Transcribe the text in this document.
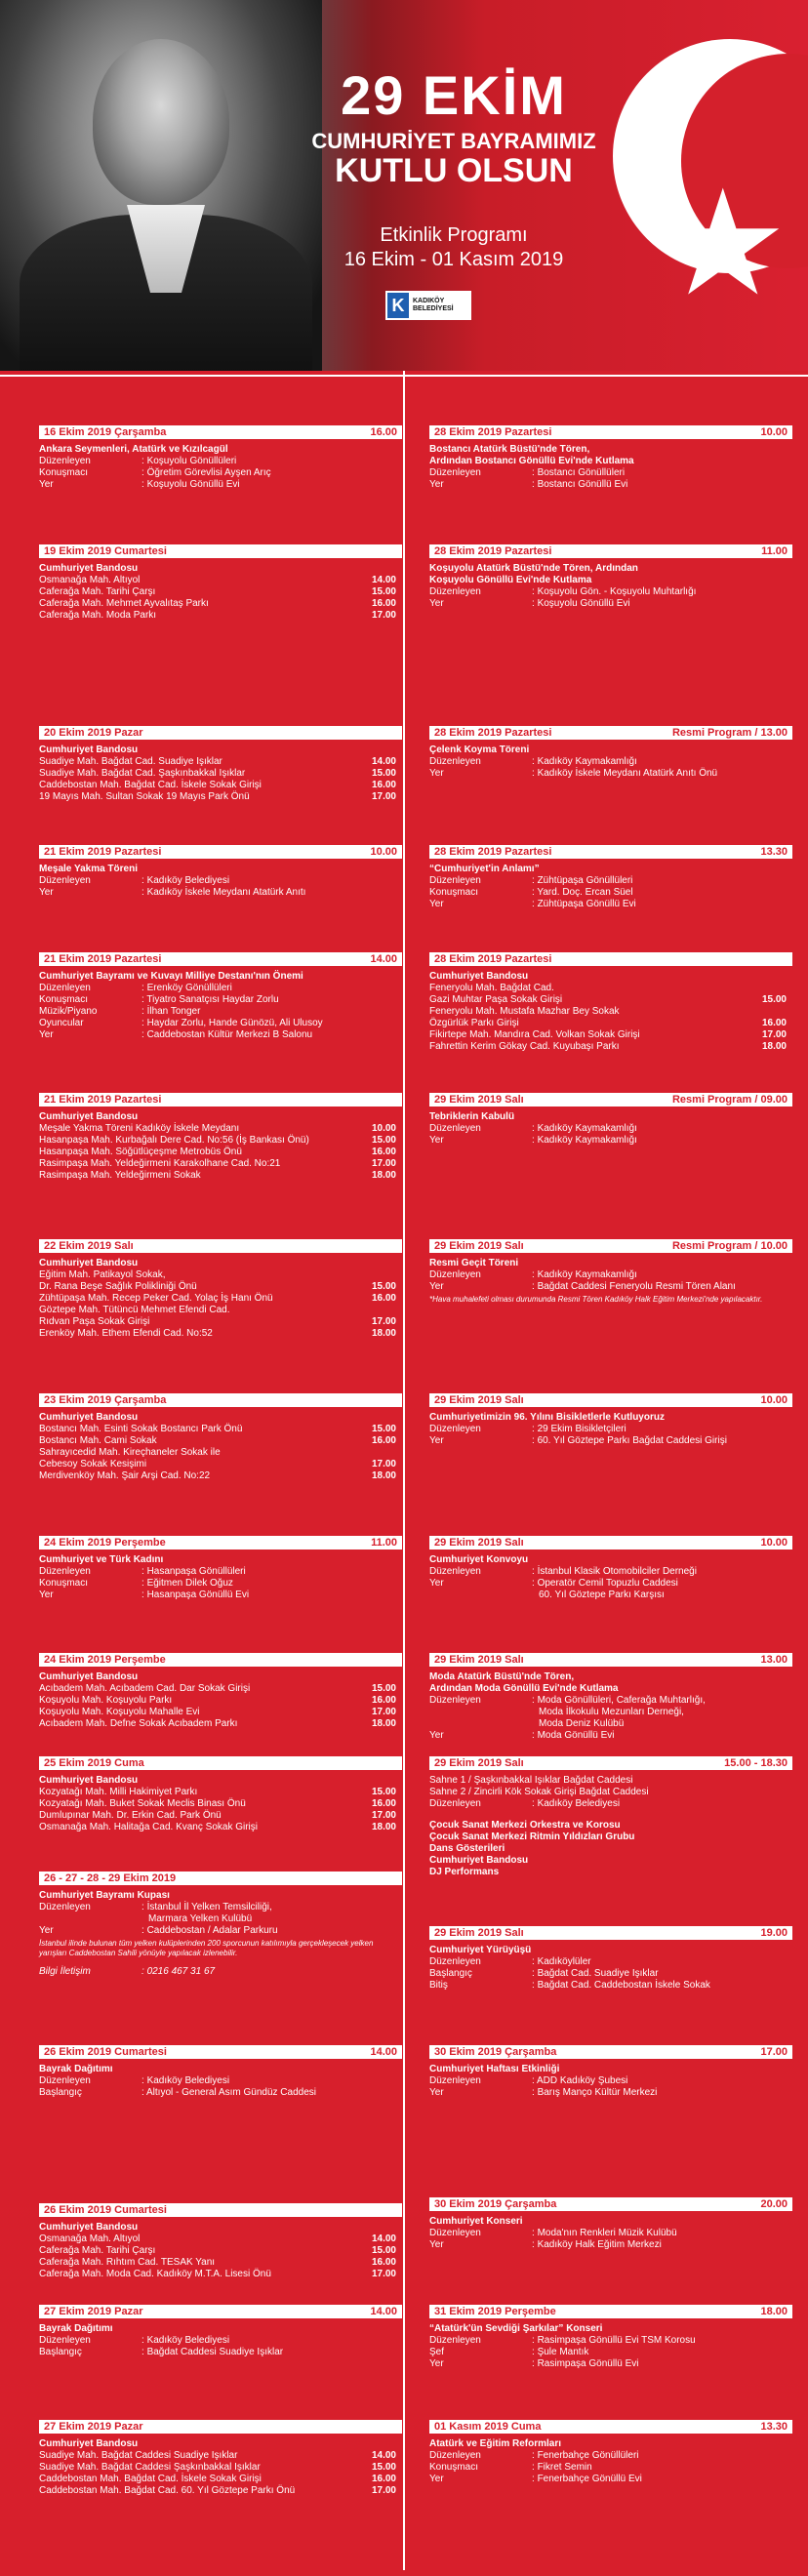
★
29 EKİM
CUMHURİYET BAYRAMIMIZ
KUTLU OLSUN
Etkinlik Programı
16 Ekim - 01 Kasım 2019
K	KADIKÖY
BELEDİYESİ
16 Ekim 2019 Çarşamba	16.00
Ankara Seymenleri, Atatürk ve Kızılcagül
Düzenleyen	: Koşuyolu Gönüllüleri
Konuşmacı	: Öğretim Görevlisi Ayşen Arıç
Yer	: Koşuyolu Gönüllü Evi
19 Ekim 2019 Cumartesi
Cumhuriyet Bandosu
Osmanağa Mah. Altıyol	14.00
Caferağa Mah. Tarihi Çarşı	15.00
Caferağa Mah. Mehmet Ayvalıtaş Parkı	16.00
Caferağa Mah. Moda Parkı	17.00
20 Ekim 2019 Pazar
Cumhuriyet Bandosu
Suadiye Mah. Bağdat Cad. Suadiye Işıklar	14.00
Suadiye Mah. Bağdat Cad. Şaşkınbakkal Işıklar	15.00
Caddebostan Mah. Bağdat Cad. İskele Sokak Girişi	16.00
19 Mayıs Mah. Sultan Sokak 19 Mayıs Park Önü	17.00
21 Ekim 2019 Pazartesi	10.00
Meşale Yakma Töreni
Düzenleyen	: Kadıköy Belediyesi
Yer	: Kadıköy İskele Meydanı Atatürk Anıtı
21 Ekim 2019 Pazartesi	14.00
Cumhuriyet Bayramı ve Kuvayı Milliye Destanı'nın Önemi
Düzenleyen	: Erenköy Gönüllüleri
Konuşmacı	: Tiyatro Sanatçısı Haydar Zorlu
Müzik/Piyano	: İlhan Tonger
Oyuncular	: Haydar Zorlu, Hande Günözü, Ali Ulusoy
Yer	: Caddebostan Kültür Merkezi B Salonu
21 Ekim 2019 Pazartesi
Cumhuriyet Bandosu
Meşale Yakma Töreni Kadıköy İskele Meydanı	10.00
Hasanpaşa Mah. Kurbağalı Dere Cad. No:56 (İş Bankası Önü)	15.00
Hasanpaşa Mah. Söğütlüçeşme Metrobüs Önü	16.00
Rasimpaşa Mah. Yeldeğirmeni Karakolhane Cad. No:21	17.00
Rasimpaşa Mah. Yeldeğirmeni Sokak	18.00
22 Ekim 2019 Salı
Cumhuriyet Bandosu
Eğitim Mah. Patikayol Sokak,
Dr. Rana Beşe Sağlık Polikliniği Önü	15.00
Zühtüpaşa Mah. Recep Peker Cad. Yolaç İş Hanı Önü	16.00
Göztepe Mah. Tütüncü Mehmet Efendi Cad.
Rıdvan Paşa Sokak Girişi	17.00
Erenköy Mah. Ethem Efendi Cad. No:52	18.00
23 Ekim 2019 Çarşamba
Cumhuriyet Bandosu
Bostancı Mah. Esinti Sokak Bostancı Park Önü	15.00
Bostancı Mah. Cami Sokak	16.00
Sahrayıcedid Mah. Kireçhaneler Sokak ile
Cebesoy Sokak Kesişimi	17.00
Merdivenköy Mah. Şair Arşi Cad. No:22	18.00
24 Ekim 2019 Perşembe	11.00
Cumhuriyet ve Türk Kadını
Düzenleyen	: Hasanpaşa Gönüllüleri
Konuşmacı	: Eğitmen Dilek Oğuz
Yer	: Hasanpaşa Gönüllü Evi
24 Ekim 2019 Perşembe
Cumhuriyet Bandosu
Acıbadem Mah. Acıbadem Cad. Dar Sokak Girişi	15.00
Koşuyolu Mah. Koşuyolu Parkı	16.00
Koşuyolu Mah. Koşuyolu Mahalle Evi	17.00
Acıbadem Mah. Defne Sokak Acıbadem Parkı	18.00
25 Ekim 2019 Cuma
Cumhuriyet Bandosu
Kozyatağı Mah. Milli Hakimiyet Parkı	15.00
Kozyatağı Mah. Buket Sokak Meclis Binası Önü	16.00
Dumlupınar Mah. Dr. Erkin Cad. Park Önü	17.00
Osmanağa Mah. Halitağa Cad. Kvanç Sokak Girişi	18.00
26 - 27 - 28 - 29 Ekim 2019
Cumhuriyet Bayramı Kupası
Düzenleyen	: İstanbul İl Yelken Temsilciliği,
Marmara Yelken Kulübü
Yer	: Caddebostan / Adalar Parkuru
İstanbul ilinde bulunan tüm yelken kulüplerinden 200 sporcunun katılımıyla gerçekleşecek yelken yarışları Caddebostan Sahili yönüyle yapılacak izlenebilir.
Bilgi İletişim	: 0216 467 31 67
26 Ekim 2019 Cumartesi	14.00
Bayrak Dağıtımı
Düzenleyen	: Kadıköy Belediyesi
Başlangıç	: Altıyol - General Asım Gündüz Caddesi
26 Ekim 2019 Cumartesi
Cumhuriyet Bandosu
Osmanağa Mah. Altıyol	14.00
Caferağa Mah. Tarihi Çarşı	15.00
Caferağa Mah. Rıhtım Cad. TESAK Yanı	16.00
Caferağa Mah. Moda Cad. Kadıköy M.T.A. Lisesi Önü	17.00
27 Ekim 2019 Pazar	14.00
Bayrak Dağıtımı
Düzenleyen	: Kadıköy Belediyesi
Başlangıç	: Bağdat Caddesi Suadiye Işıklar
27 Ekim 2019 Pazar
Cumhuriyet Bandosu
Suadiye Mah. Bağdat Caddesi Suadiye Işıklar	14.00
Suadiye Mah. Bağdat Caddesi Şaşkınbakkal Işıklar	15.00
Caddebostan Mah. Bağdat Cad. İskele Sokak Girişi	16.00
Caddebostan Mah. Bağdat Cad. 60. Yıl Göztepe Parkı Önü	17.00
28 Ekim 2019 Pazartesi	10.00
Bostancı Atatürk Büstü'nde Tören,
Ardından Bostancı Gönüllü Evi'nde Kutlama
Düzenleyen	: Bostancı Gönüllüleri
Yer	: Bostancı Gönüllü Evi
28 Ekim 2019 Pazartesi	11.00
Koşuyolu Atatürk Büstü'nde Tören, Ardından
Koşuyolu Gönüllü Evi'nde Kutlama
Düzenleyen	: Koşuyolu Gön. - Koşuyolu Muhtarlığı
Yer	: Koşuyolu Gönüllü Evi
28 Ekim 2019 Pazartesi	Resmi Program / 13.00
Çelenk Koyma Töreni
Düzenleyen	: Kadıköy Kaymakamlığı
Yer	: Kadıköy İskele Meydanı Atatürk Anıtı Önü
28 Ekim 2019 Pazartesi	13.30
“Cumhuriyet'in Anlamı”
Düzenleyen	: Zühtüpaşa Gönüllüleri
Konuşmacı	: Yard. Doç. Ercan Süel
Yer	: Zühtüpaşa Gönüllü Evi
28 Ekim 2019 Pazartesi
Cumhuriyet Bandosu
Feneryolu Mah. Bağdat Cad.
Gazi Muhtar Paşa Sokak Girişi	15.00
Feneryolu Mah. Mustafa Mazhar Bey Sokak
Özgürlük Parkı Girişi	16.00
Fikirtepe Mah. Mandıra Cad. Volkan Sokak Girişi	17.00
Fahrettin Kerim Gökay Cad. Kuyubaşı Parkı	18.00
29 Ekim 2019 Salı	Resmi Program / 09.00
Tebriklerin Kabulü
Düzenleyen	: Kadıköy Kaymakamlığı
Yer	: Kadıköy Kaymakamlığı
29 Ekim 2019 Salı	Resmi Program / 10.00
Resmi Geçit Töreni
Düzenleyen	: Kadıköy Kaymakamlığı
Yer	: Bağdat Caddesi Feneryolu Resmi Tören Alanı
*Hava muhalefeti olması durumunda Resmi Tören Kadıköy Halk Eğitim Merkezi'nde yapılacaktır.
29 Ekim 2019 Salı	10.00
Cumhuriyetimizin 96. Yılını Bisikletlerle Kutluyoruz
Düzenleyen	: 29 Ekim Bisikletçileri
Yer	: 60. Yıl Göztepe Parkı Bağdat Caddesi Girişi
29 Ekim 2019 Salı	10.00
Cumhuriyet Konvoyu
Düzenleyen	: İstanbul Klasik Otomobilciler Derneği
Yer	: Operatör Cemil Topuzlu Caddesi
60. Yıl Göztepe Parkı Karşısı
29 Ekim 2019 Salı	13.00
Moda Atatürk Büstü'nde Tören,
Ardından Moda Gönüllü Evi'nde Kutlama
Düzenleyen	: Moda Gönüllüleri, Caferağa Muhtarlığı,
Moda İlkokulu Mezunları Derneği,
Moda Deniz Kulübü
Yer	: Moda Gönüllü Evi
29 Ekim 2019 Salı	15.00 - 18.30
Sahne 1 / Şaşkınbakkal Işıklar Bağdat Caddesi
Sahne 2 / Zincirli Kök Sokak Girişi Bağdat Caddesi
Düzenleyen	: Kadıköy Belediyesi
Çocuk Sanat Merkezi Orkestra ve Korosu
Çocuk Sanat Merkezi Ritmin Yıldızları Grubu
Dans Gösterileri
Cumhuriyet Bandosu
DJ Performans
29 Ekim 2019 Salı	19.00
Cumhuriyet Yürüyüşü
Düzenleyen	: Kadıköylüler
Başlangıç	: Bağdat Cad. Suadiye Işıklar
Bitiş	: Bağdat Cad. Caddebostan İskele Sokak
30 Ekim 2019 Çarşamba	17.00
Cumhuriyet Haftası Etkinliği
Düzenleyen	: ADD Kadıköy Şubesi
Yer	: Barış Manço Kültür Merkezi
30 Ekim 2019 Çarşamba	20.00
Cumhuriyet Konseri
Düzenleyen	: Moda'nın Renkleri Müzik Kulübü
Yer	: Kadıköy Halk Eğitim Merkezi
31 Ekim 2019 Perşembe	18.00
“Atatürk'ün Sevdiği Şarkılar” Konseri
Düzenleyen	: Rasimpaşa Gönüllü Evi TSM Korosu
Şef	: Şule Mantık
Yer	: Rasimpaşa Gönüllü Evi
01 Kasım 2019 Cuma	13.30
Atatürk ve Eğitim Reformları
Düzenleyen	: Fenerbahçe Gönüllüleri
Konuşmacı	: Fikret Semin
Yer	: Fenerbahçe Gönüllü Evi
